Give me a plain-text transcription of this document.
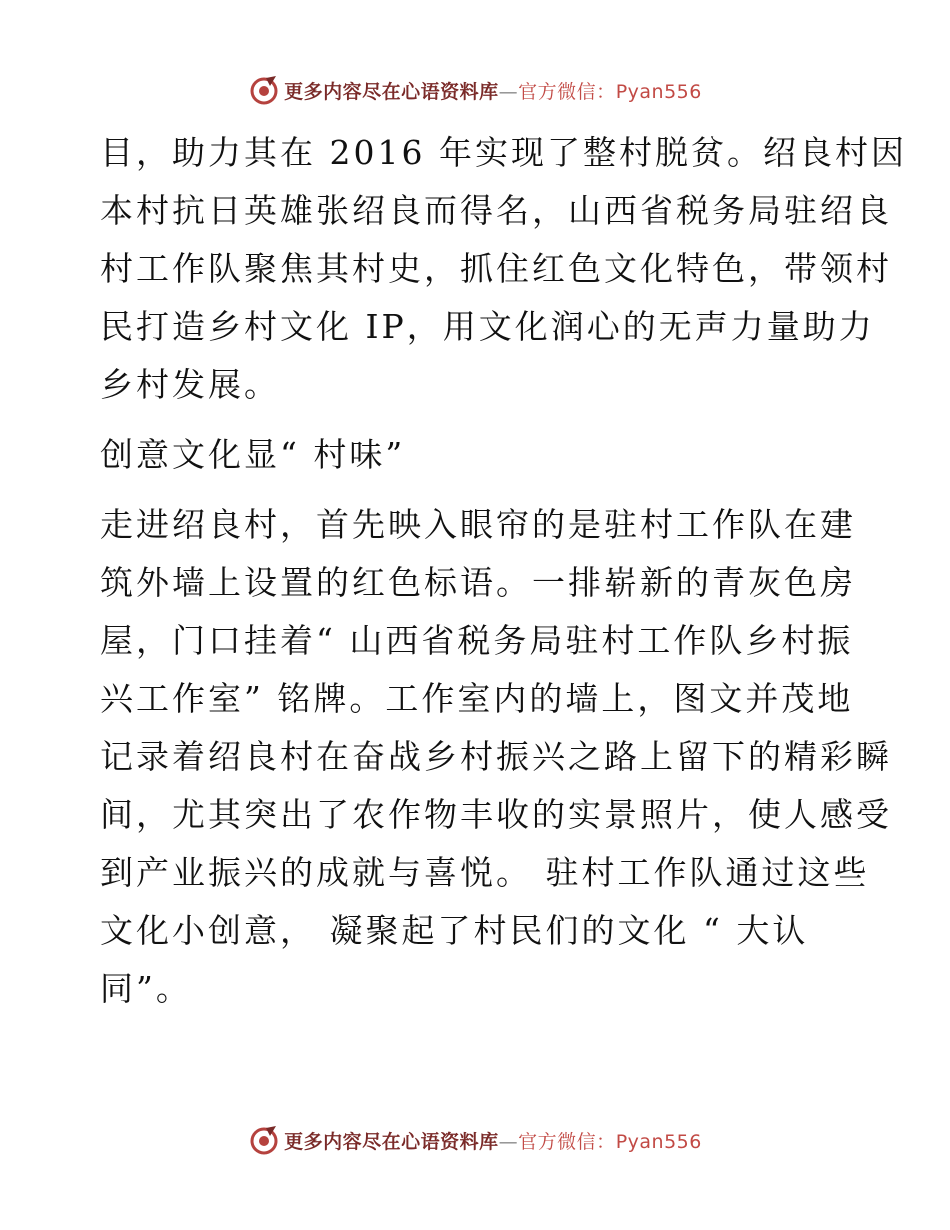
更多内容尽在心语资料库—官方微信：Pyan556
目，助力其在 2016 年实现了整村脱贫。绍良村因
本村抗日英雄张绍良而得名，山西省税务局驻绍良
村工作队聚焦其村史，抓住红色文化特色，带领村
民打造乡村文化 IP，用文化润心的无声力量助力
乡村发展。
创意文化显“ 村味”
走进绍良村，首先映入眼帘的是驻村工作队在建
筑外墙上设置的红色标语。一排崭新的青灰色房
屋，门口挂着“ 山西省税务局驻村工作队乡村振
兴工作室” 铭牌。工作室内的墙上，图文并茂地
记录着绍良村在奋战乡村振兴之路上留下的精彩瞬
间，尤其突出了农作物丰收的实景照片，使人感受
到产业振兴的成就与喜悦。 驻村工作队通过这些
文化小创意， 凝聚起了村民们的文化 “ 大认
同”。
更多内容尽在心语资料库—官方微信：Pyan556
